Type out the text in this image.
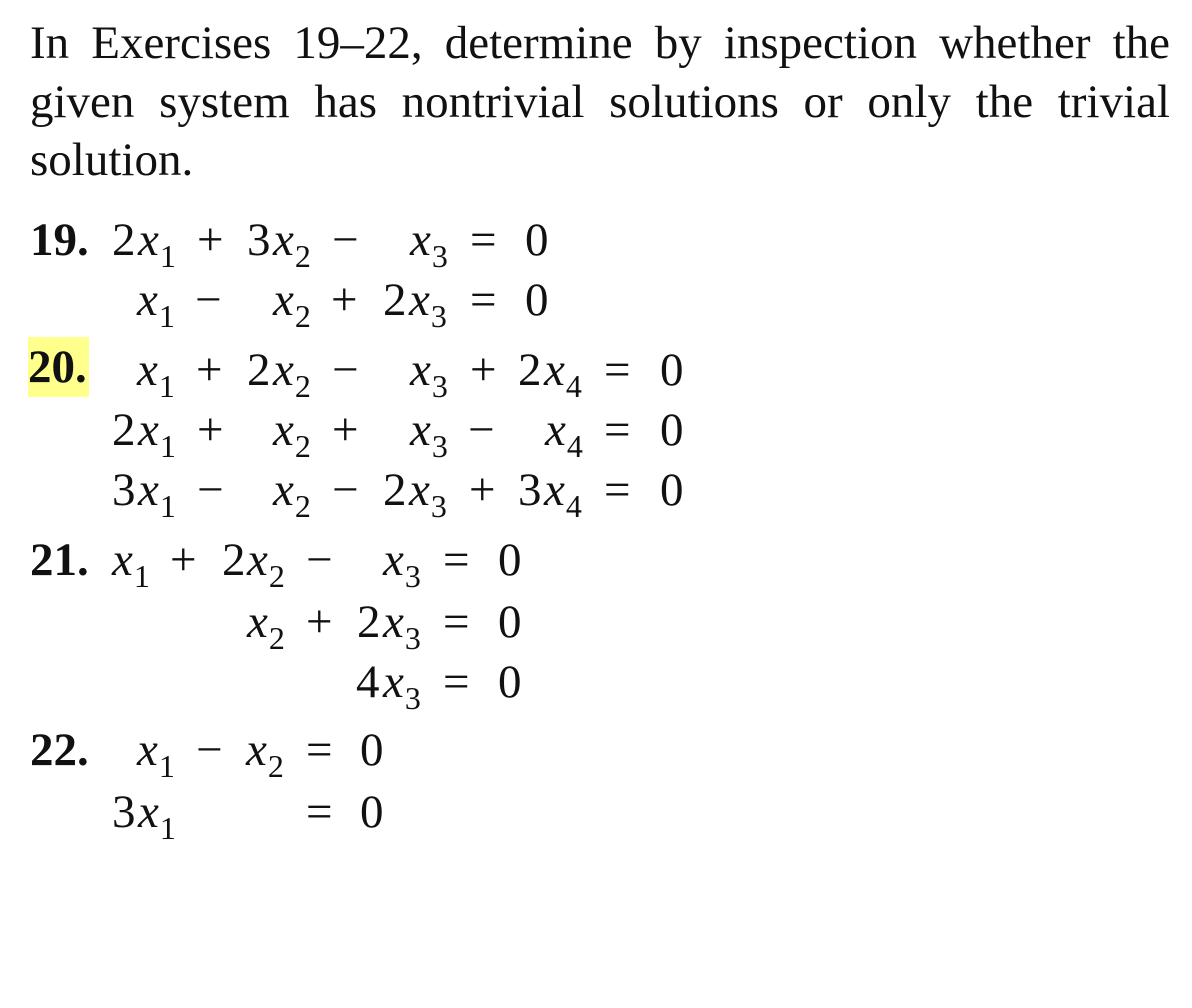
In Exercises 19–22, determine by inspection whether the given system has nontrivial solutions or only the trivial solution.
19. 2 $x_1 + 3$ $x_2 - x_3 = 0$
$x_1 - x_2 + 2$ $x_3 = 0$
20. $x_1 + 2$ $x_2 - x_3 + 2$ $x_4 = 0$
2 $x_1 + x_2 + x_3 - x_4 = 0$
3 $x_1 - x_2 - 2$ $x_3 + 3$ $x_4 = 0$
21. $x_1 + 2$ $x_2 - x_3 = 0$
$x_2 + 2$ $x_3 = 0$
4 $x_3 = 0$
22. $x_1 - x_2 = 0$
3 $x_1$	= 0
